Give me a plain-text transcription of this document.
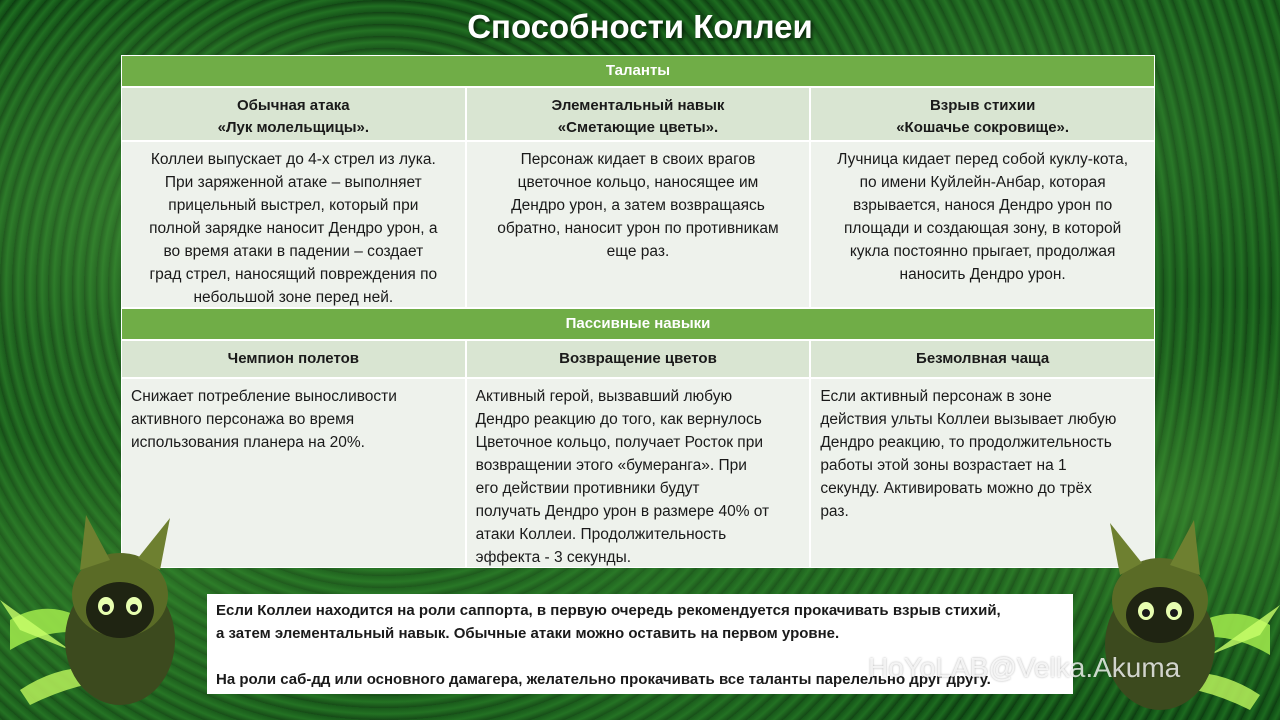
Способности Коллеи
Таланты
Обычная атака
«Лук молельщицы».
Элементальный навык
«Сметающие цветы».
Взрыв стихии
«Кошачье сокровище».
Коллеи выпускает до 4-х стрел из лука.
При заряженной атаке – выполняет
прицельный выстрел, который при
полной зарядке наносит Дендро урон, а
во время атаки в падении – создает
град стрел, наносящий повреждения по
небольшой зоне перед ней.
Персонаж кидает в своих врагов
цветочное кольцо, наносящее им
Дендро урон, а затем возвращаясь
обратно, наносит урон по противникам
еще раз.
Лучница кидает перед собой куклу-кота,
по имени Куйлейн-Анбар, которая
взрывается, нанося Дендро урон по
площади и создающая зону, в которой
кукла постоянно прыгает, продолжая
наносить Дендро урон.
Пассивные навыки
Чемпион полетов	Возвращение цветов	Безмолвная чаща
Снижает потребление выносливости
активного персонажа во время
использования планера на 20%.
Активный герой, вызвавший любую
Дендро реакцию до того, как вернулось
Цветочное кольцо, получает Росток при
возвращении этого «бумеранга». При
его действии противники будут
получать Дендро урон в размере 40% от
атаки Коллеи. Продолжительность
эффекта - 3 секунды.
Если активный персонаж в зоне
действия ульты Коллеи вызывает любую
Дендро реакцию, то продолжительность
работы этой зоны возрастает на 1
секунду. Активировать можно до трёх
раз.

Если Коллеи находится на роли саппорта, в первую очередь рекомендуется прокачивать взрыв стихий,
а затем элементальный навык. Обычные атаки можно оставить на первом уровне.

На роли саб-дд или основного дамагера, желательно прокачивать все таланты парелельно друг другу.

HoYoLAB@Velka.Akuma
